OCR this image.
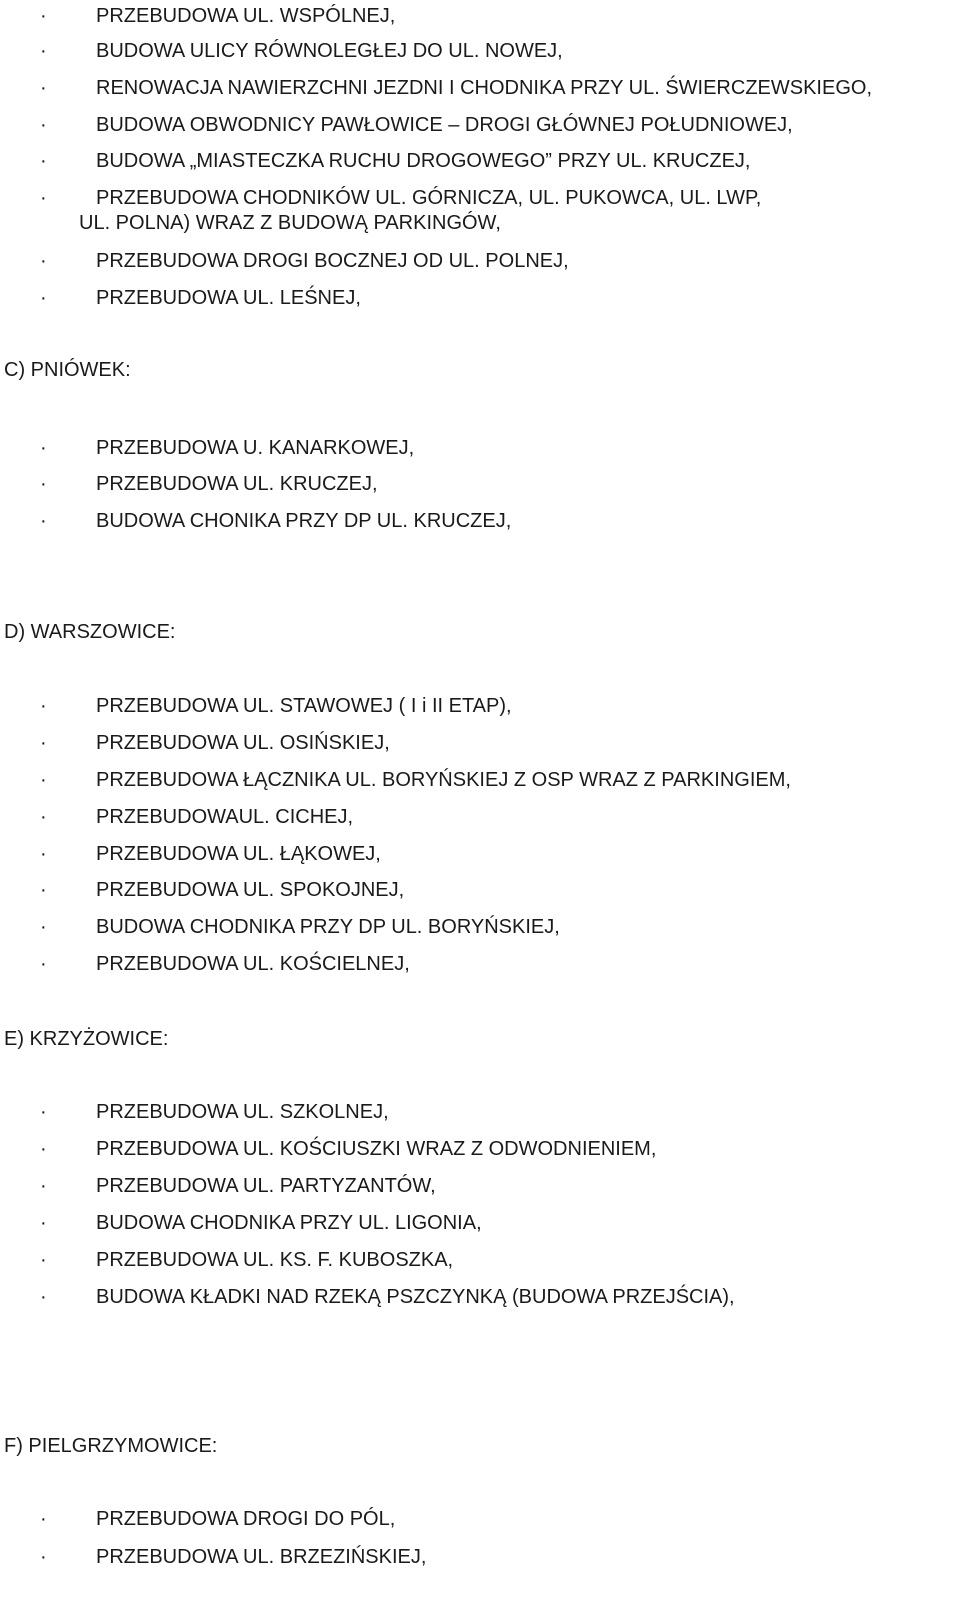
· PRZEBUDOWA UL. WSPÓLNEJ,
· BUDOWA ULICY RÓWNOLEGŁEJ DO UL. NOWEJ,
· RENOWACJA NAWIERZCHNI JEZDNI I CHODNIKA PRZY UL. ŚWIERCZEWSKIEGO,
· BUDOWA OBWODNICY PAWŁOWICE – DROGI GŁÓWNEJ POŁUDNIOWEJ,
· BUDOWA „MIASTECZKA RUCHU DROGOWEGO” PRZY UL. KRUCZEJ,
· PRZEBUDOWA CHODNIKÓW UL. GÓRNICZA, UL. PUKOWCA, UL. LWP,
UL. POLNA) WRAZ Z BUDOWĄ PARKINGÓW,
· PRZEBUDOWA DROGI BOCZNEJ OD UL. POLNEJ,
· PRZEBUDOWA UL. LEŚNEJ,
C) PNIÓWEK:
· PRZEBUDOWA U. KANARKOWEJ,
· PRZEBUDOWA UL. KRUCZEJ,
· BUDOWA CHONIKA PRZY DP UL. KRUCZEJ,
D) WARSZOWICE:
· PRZEBUDOWA UL. STAWOWEJ ( I i II ETAP),
· PRZEBUDOWA UL. OSIŃSKIEJ,
· PRZEBUDOWA ŁĄCZNIKA UL. BORYŃSKIEJ Z OSP WRAZ Z PARKINGIEM,
· PRZEBUDOWAUL. CICHEJ,
· PRZEBUDOWA UL. ŁĄKOWEJ,
· PRZEBUDOWA UL. SPOKOJNEJ,
· BUDOWA CHODNIKA PRZY DP UL. BORYŃSKIEJ,
· PRZEBUDOWA UL. KOŚCIELNEJ,
E) KRZYŻOWICE:
· PRZEBUDOWA UL. SZKOLNEJ,
· PRZEBUDOWA UL. KOŚCIUSZKI WRAZ Z ODWODNIENIEM,
· PRZEBUDOWA UL. PARTYZANTÓW,
· BUDOWA CHODNIKA PRZY UL. LIGONIA,
· PRZEBUDOWA UL. KS. F. KUBOSZKA,
· BUDOWA KŁADKI NAD RZEKĄ PSZCZYNKĄ (BUDOWA PRZEJŚCIA),
F) PIELGRZYMOWICE:
· PRZEBUDOWA DROGI DO PÓL,
· PRZEBUDOWA UL. BRZEZIŃSKIEJ,
